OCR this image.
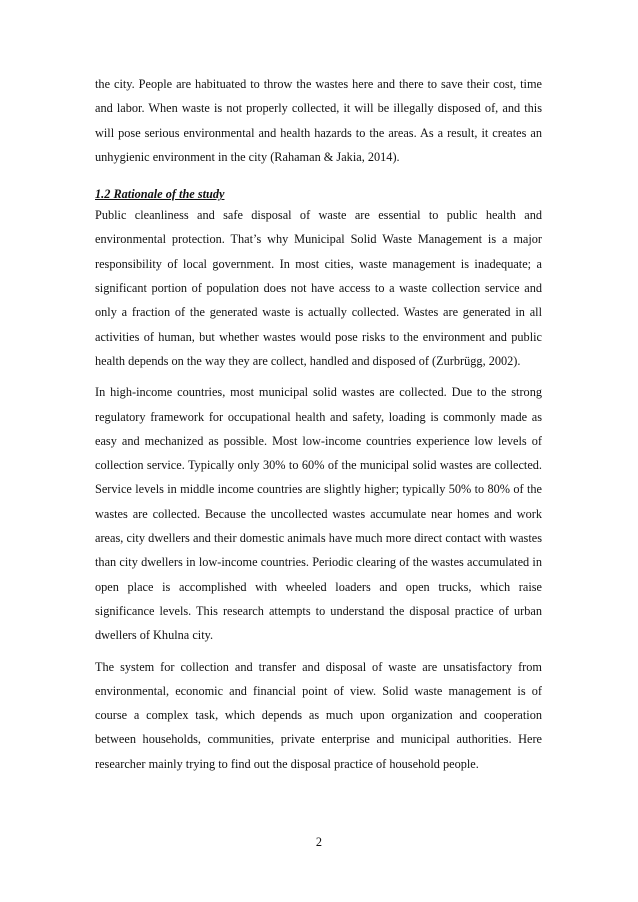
the city. People are habituated to throw the wastes here and there to save their cost, time and labor. When waste is not properly collected, it will be illegally disposed of, and this will pose serious environmental and health hazards to the areas. As a result, it creates an unhygienic environment in the city (Rahaman & Jakia, 2014).

1.2 Rationale of the study

Public cleanliness and safe disposal of waste are essential to public health and environmental protection. That’s why Municipal Solid Waste Management is a major responsibility of local government. In most cities, waste management is inadequate; a significant portion of population does not have access to a waste collection service and only a fraction of the generated waste is actually collected. Wastes are generated in all activities of human, but whether wastes would pose risks to the environment and public health depends on the way they are collect, handled and disposed of (Zurbrügg, 2002).

In high-income countries, most municipal solid wastes are collected. Due to the strong regulatory framework for occupational health and safety, loading is commonly made as easy and mechanized as possible. Most low-income countries experience low levels of collection service. Typically only 30% to 60% of the municipal solid wastes are collected. Service levels in middle income countries are slightly higher; typically 50% to 80% of the wastes are collected. Because the uncollected wastes accumulate near homes and work areas, city dwellers and their domestic animals have much more direct contact with wastes than city dwellers in low-income countries. Periodic clearing of the wastes accumulated in open place is accomplished with wheeled loaders and open trucks, which raise significance levels. This research attempts to understand the disposal practice of urban dwellers of Khulna city.

The system for collection and transfer and disposal of waste are unsatisfactory from environmental, economic and financial point of view. Solid waste management is of course a complex task, which depends as much upon organization and cooperation between households, communities, private enterprise and municipal authorities. Here researcher mainly trying to find out the disposal practice of household people.

2
